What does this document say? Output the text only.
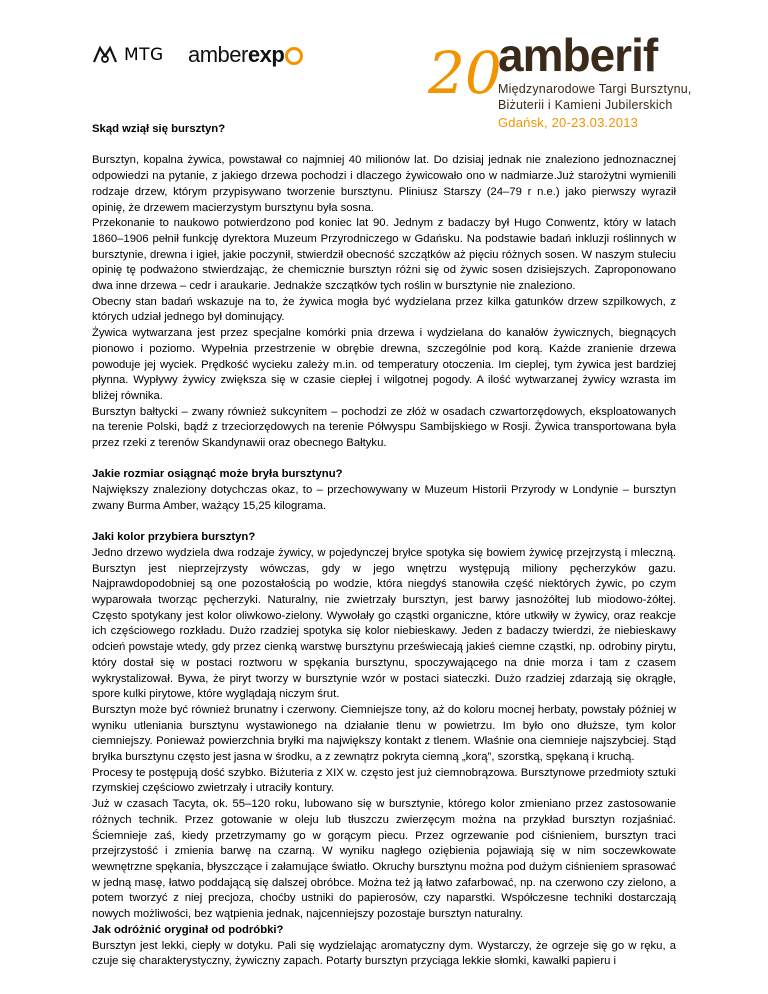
MTG amber exp 20
amberif
Międzynarodowe Targi Bursztynu,
Biżuterii i Kamieni Jubilerskich
Gdańsk, 20-23.03.2013
Skąd wziął się bursztyn?

Bursztyn, kopalna żywica, powstawał co najmniej 40 milionów lat. Do dzisiaj jednak nie znaleziono jednoznacznej odpowiedzi na pytanie, z jakiego drzewa pochodzi i dlaczego żywicowało ono w nadmiarze.Już starożytni wymienili rodzaje drzew, którym przypisywano tworzenie bursztynu. Pliniusz Starszy (24–79 r n.e.) jako pierwszy wyraził opinię, że drzewem macierzystym bursztynu była sosna.

Przekonanie to naukowo potwierdzono pod koniec lat 90. Jednym z badaczy był Hugo Conwentz, który w latach 1860–1906 pełnił funkcję dyrektora Muzeum Przyrodniczego w Gdańsku. Na podstawie badań inkluzji roślinnych w bursztynie, drewna i igieł, jakie poczynił, stwierdził obecność szczątków aż pięciu różnych sosen. W naszym stuleciu opinię tę podważono stwierdzając, że chemicznie bursztyn różni się od żywic sosen dzisiejszych. Zaproponowano dwa inne drzewa – cedr i araukarie. Jednakże szczątków tych roślin w bursztynie nie znaleziono.

Obecny stan badań wskazuje na to, że żywica mogła być wydzielana przez kilka gatunków drzew szpilkowych, z których udział jednego był dominujący.

Żywica wytwarzana jest przez specjalne komórki pnia drzewa i wydzielana do kanałów żywicznych, biegnących pionowo i poziomo. Wypełnia przestrzenie w obrębie drewna, szczególnie pod korą. Każde zranienie drzewa powoduje jej wyciek. Prędkość wycieku zależy m.in. od temperatury otoczenia. Im cieplej, tym żywica jest bardziej płynna. Wypływy żywicy zwiększa się w czasie ciepłej i wilgotnej pogody. A ilość wytwarzanej żywicy wzrasta im bliżej równika.

Bursztyn bałtycki – zwany również sukcynitem – pochodzi ze złóż w osadach czwartorzędowych, eksploatowanych na terenie Polski, bądź z trzeciorzędowych na terenie Półwyspu Sambijskiego w Rosji. Żywica transportowana była przez rzeki z terenów Skandynawii oraz obecnego Bałtyku.

Jakie rozmiar osiągnąć może bryła bursztynu?

Największy znaleziony dotychczas okaz, to – przechowywany w Muzeum Historii Przyrody w Londynie – bursztyn zwany Burma Amber, ważący 15,25 kilograma.

Jaki kolor przybiera bursztyn?

Jedno drzewo wydziela dwa rodzaje żywicy, w pojedynczej bryłce spotyka się bowiem żywicę przejrzystą i mleczną. Bursztyn jest nieprzejrzysty wówczas, gdy w jego wnętrzu występują miliony pęcherzyków gazu. Najprawdopodobniej są one pozostałością po wodzie, która niegdyś stanowiła część niektórych żywic, po czym wyparowała tworząc pęcherzyki. Naturalny, nie zwietrzały bursztyn, jest barwy jasnożółtej lub miodowo-żółtej. Często spotykany jest kolor oliwkowo-zielony. Wywołały go cząstki organiczne, które utkwiły w żywicy, oraz reakcje ich częściowego rozkładu. Dużo rzadziej spotyka się kolor niebieskawy. Jeden z badaczy twierdzi, że niebieskawy odcień powstaje wtedy, gdy przez cienką warstwę bursztynu przeświecają jakieś ciemne cząstki, np. odrobiny pirytu, który dostał się w postaci roztworu w spękania bursztynu, spoczywającego na dnie morza i tam z czasem wykrystalizował. Bywa, że piryt tworzy w bursztynie wzór w postaci siateczki. Dużo rzadziej zdarzają się okrągłe, spore kulki pirytowe, które wyglądają niczym śrut.

Bursztyn może być również brunatny i czerwony. Ciemniejsze tony, aż do koloru mocnej herbaty, powstały później w wyniku utleniania bursztynu wystawionego na działanie tlenu w powietrzu. Im było ono dłuższe, tym kolor ciemniejszy. Ponieważ powierzchnia bryłki ma największy kontakt z tlenem. Właśnie ona ciemnieje najszybciej. Stąd bryłka bursztynu często jest jasna w środku, a z zewnątrz pokryta ciemną „korą”, szorstką, spękaną i kruchą.

Procesy te postępują dość szybko. Biżuteria z XIX w. często jest już ciemnobrązowa. Bursztynowe przedmioty sztuki rzymskiej częściowo zwietrzały i utraciły kontury.

Już w czasach Tacyta, ok. 55–120 roku, lubowano się w bursztynie, którego kolor zmieniano przez zastosowanie różnych technik. Przez gotowanie w oleju lub tłuszczu zwierzęcym można na przykład bursztyn rozjaśniać. Ściemnieje zaś, kiedy przetrzymamy go w gorącym piecu. Przez ogrzewanie pod ciśnieniem, bursztyn traci przejrzystość i zmienia barwę na czarną. W wyniku nagłego oziębienia pojawiają się w nim soczewkowate wewnętrzne spękania, błyszczące i załamujące światło. Okruchy bursztynu można pod dużym ciśnieniem sprasować w jedną masę, łatwo poddającą się dalszej obróbce. Można też ją łatwo zafarbować, np. na czerwono czy zielono, a potem tworzyć z niej precjoza, choćby ustniki do papierosów, czy naparstki. Współczesne techniki dostarczają nowych możliwości, bez wątpienia jednak, najcenniejszy pozostaje bursztyn naturalny.

Jak odróżnić oryginał od podróbki?

Bursztyn jest lekki, ciepły w dotyku. Pali się wydzielając aromatyczny dym. Wystarczy, że ogrzeje się go w ręku, a czuje się charakterystyczny, żywiczny zapach. Potarty bursztyn przyciąga lekkie słomki, kawałki papieru i
